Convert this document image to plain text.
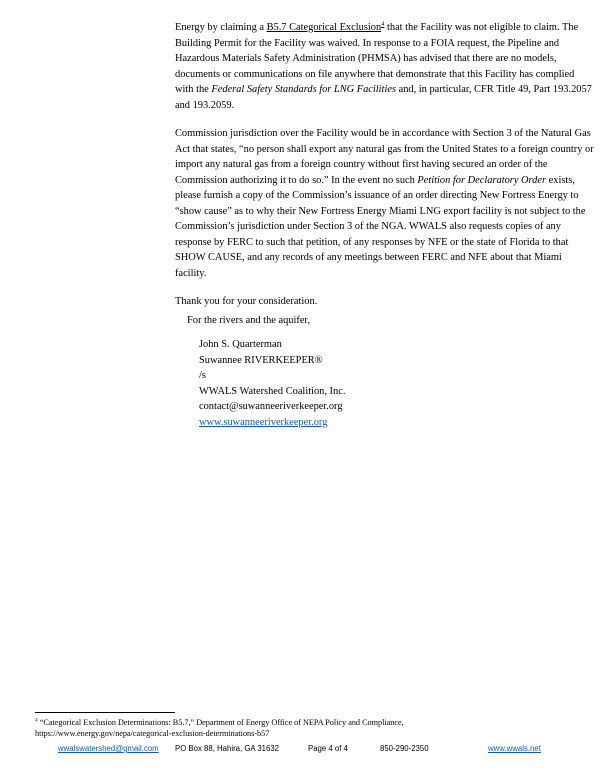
Energy by claiming a B5.7 Categorical Exclusion$^4$ that the Facility was not eligible to claim. The Building Permit for the Facility was waived. In response to a FOIA request, the Pipeline and Hazardous Materials Safety Administration (PHMSA) has advised that there are no models, documents or communications on file anywhere that demonstrate that this Facility has complied with the Federal Safety Standards for LNG Facilities and, in particular, CFR Title 49, Part 193.2057 and 193.2059.

Commission jurisdiction over the Facility would be in accordance with Section 3 of the Natural Gas Act that states, “no person shall export any natural gas from the United States to a foreign country or import any natural gas from a foreign country without first having secured an order of the Commission authorizing it to do so.” In the event no such Petition for Declaratory Order exists, please furnish a copy of the Commission’s issuance of an order directing New Fortress Energy to “show cause” as to why their New Fortress Energy Miami LNG export facility is not subject to the Commission’s jurisdiction under Section 3 of the NGA. WWALS also requests copies of any response by FERC to such that petition, of any responses by NFE or the state of Florida to that SHOW CAUSE, and any records of any meetings between FERC and NFE about that Miami facility.

Thank you for your consideration.

For the rivers and the aquifer,

John S. Quarterman
Suwannee RIVERKEEPER®
/s
WWALS Watershed Coalition, Inc.
contact@suwanneeriverkeeper.org
www.suwanneeriverkeeper.org
$^4$ “Categorical Exclusion Determinations: B5.7,” Department of Energy Office of NEPA Policy and Compliance,
https://www.energy.gov/nepa/categorical-exclusion-determinations-b57
wwalswatershed@gmail.com PO Box 88, Hahira, GA 31632	Page 4 of 4	850-290-2350	www.wwals.net
